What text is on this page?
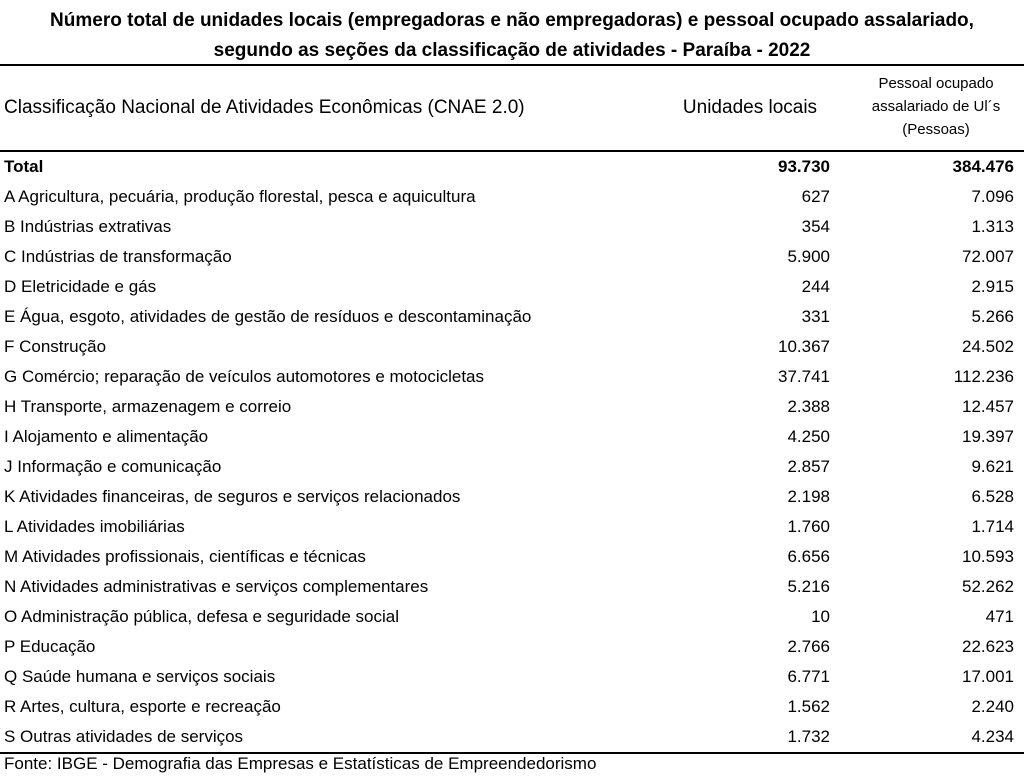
Número total de unidades locais (empregadoras e não empregadoras) e pessoal ocupado assalariado,
segundo as seções da classificação de atividades - Paraíba - 2022
Classificação Nacional de Atividades Econômicas (CNAE 2.0)	Unidades locais
Pessoal ocupado
assalariado de Ul´s
(Pessoas)
Total	93.730	384.476
A Agricultura, pecuária, produção florestal, pesca e aquicultura	627	7.096
B Indústrias extrativas	354	1.313
C Indústrias de transformação	5.900	72.007
D Eletricidade e gás	244	2.915
E Água, esgoto, atividades de gestão de resíduos e descontaminação	331	5.266
F Construção	10.367	24.502
G Comércio; reparação de veículos automotores e motocicletas	37.741	112.236
H Transporte, armazenagem e correio	2.388	12.457
I Alojamento e alimentação	4.250	19.397
J Informação e comunicação	2.857	9.621
K Atividades financeiras, de seguros e serviços relacionados	2.198	6.528
L Atividades imobiliárias	1.760	1.714
M Atividades profissionais, científicas e técnicas	6.656	10.593
N Atividades administrativas e serviços complementares	5.216	52.262
O Administração pública, defesa e seguridade social	10	471
P Educação	2.766	22.623
Q Saúde humana e serviços sociais	6.771	17.001
R Artes, cultura, esporte e recreação	1.562	2.240
S Outras atividades de serviços	1.732	4.234
Fonte: IBGE - Demografia das Empresas e Estatísticas de Empreendedorismo
